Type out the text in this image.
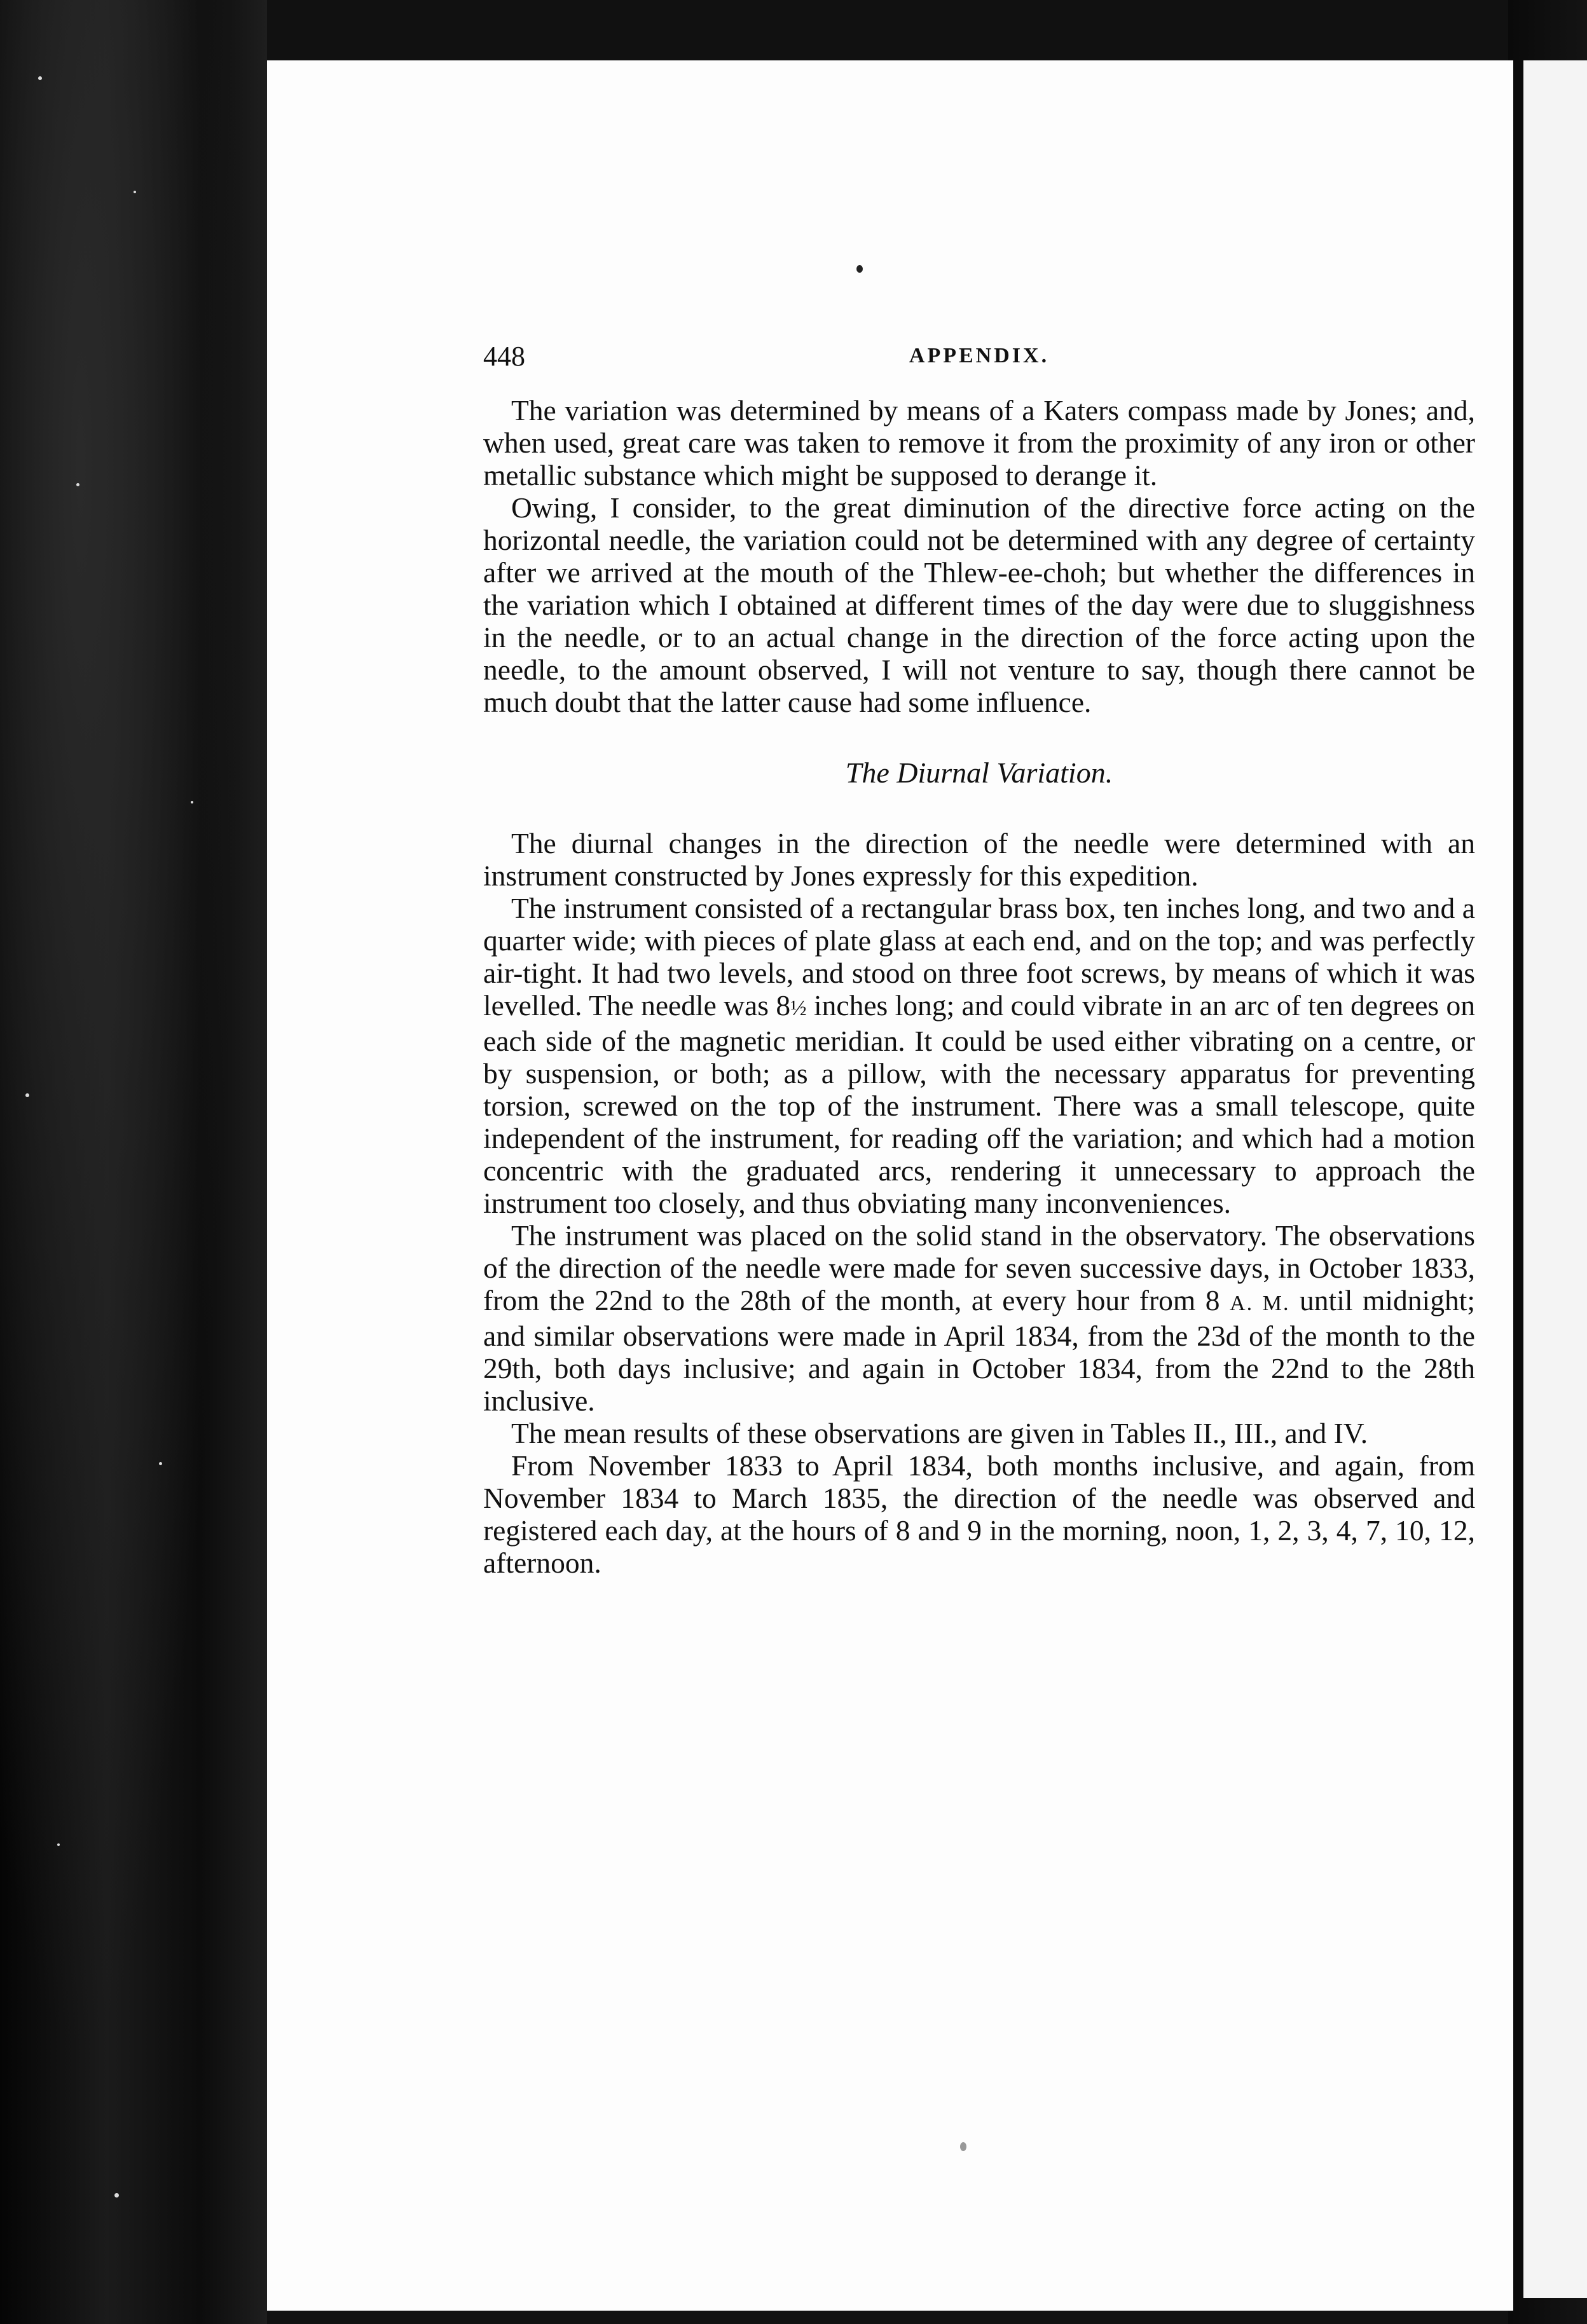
448	APPENDIX.

The variation was determined by means of a Katers compass made by Jones; and, when used, great care was taken to remove it from the proximity of any iron or other metallic substance which might be supposed to derange it.

Owing, I consider, to the great diminution of the directive force acting on the horizontal needle, the variation could not be determined with any degree of certainty after we arrived at the mouth of the Thlew-ee-choh; but whether the differences in the variation which I obtained at different times of the day were due to sluggishness in the needle, or to an actual change in the direction of the force acting upon the needle, to the amount observed, I will not venture to say, though there cannot be much doubt that the latter cause had some influence.

The Diurnal Variation.

The diurnal changes in the direction of the needle were determined with an instrument constructed by Jones expressly for this expedition.

The instrument consisted of a rectangular brass box, ten inches long, and two and a quarter wide; with pieces of plate glass at each end, and on the top; and was perfectly air-tight. It had two levels, and stood on three foot screws, by means of which it was levelled. The needle was 8½ inches long; and could vibrate in an arc of ten degrees on each side of the magnetic meridian. It could be used either vibrating on a centre, or by suspension, or both; as a pillow, with the necessary apparatus for preventing torsion, screwed on the top of the instrument. There was a small telescope, quite independent of the instrument, for reading off the variation; and which had a motion concentric with the graduated arcs, rendering it unnecessary to approach the instrument too closely, and thus obviating many inconveniences.

The instrument was placed on the solid stand in the observatory. The observations of the direction of the needle were made for seven successive days, in October 1833, from the 22nd to the 28th of the month, at every hour from 8 A. M. until midnight; and similar observations were made in April 1834, from the 23d of the month to the 29th, both days inclusive; and again in October 1834, from the 22nd to the 28th inclusive.

The mean results of these observations are given in Tables II., III., and IV.

From November 1833 to April 1834, both months inclusive, and again, from November 1834 to March 1835, the direction of the needle was observed and registered each day, at the hours of 8 and 9 in the morning, noon, 1, 2, 3, 4, 7, 10, 12, afternoon.
